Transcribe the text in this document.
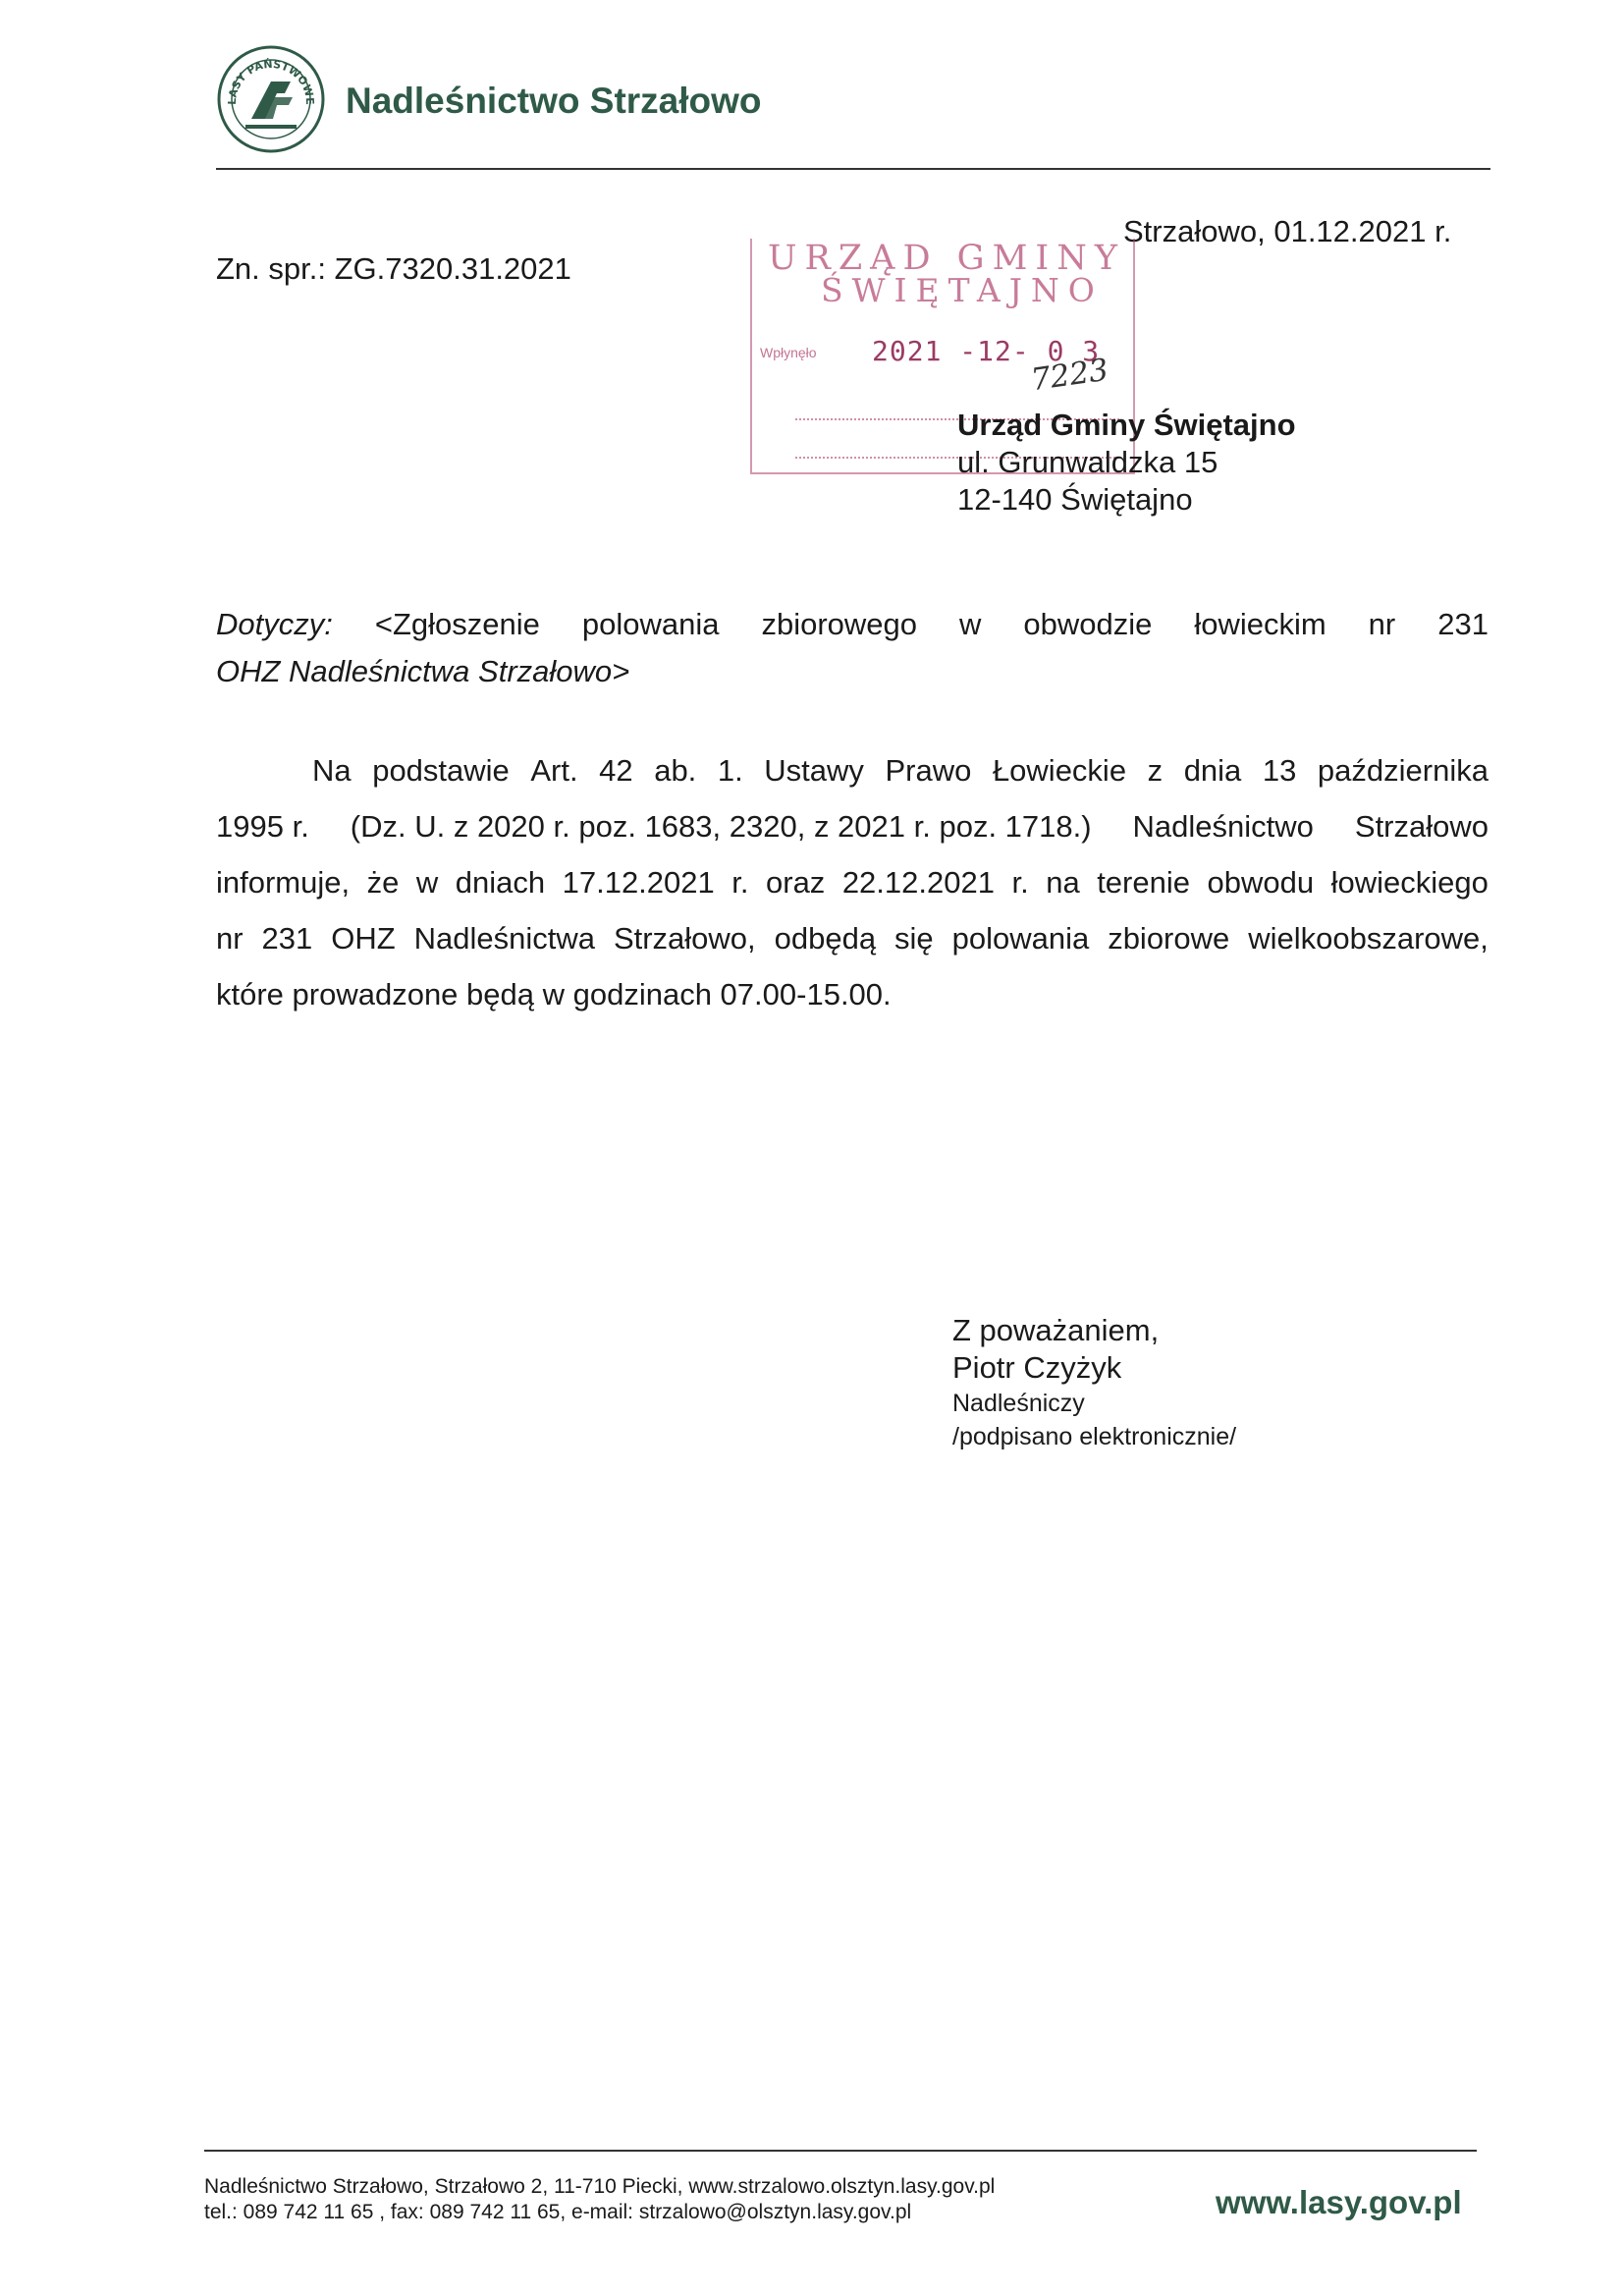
LASY PAŃSTWOWE Nadleśnictwo Strzałowo
Zn. spr.: ZG.7320.31.2021
Strzałowo, 01.12.2021 r.
URZĄD GMINY
ŚWIĘTAJNO
Wpłynęło 2021 -12- 0 3
7223
Urząd Gminy Świętajno
ul. Grunwaldzka 15
12-140 Świętajno
Dotyczy: <Zgłoszenie polowania zbiorowego w obwodzie łowieckim nr 231
OHZ Nadleśnictwa Strzałowo>
Na podstawie Art. 42 ab. 1. Ustawy Prawo Łowieckie z dnia 13 października
1995 r. (Dz. U. z 2020 r. poz. 1683, 2320, z 2021 r. poz. 1718.) Nadleśnictwo Strzałowo
informuje, że w dniach 17.12.2021 r. oraz 22.12.2021 r. na terenie obwodu łowieckiego
nr 231 OHZ Nadleśnictwa Strzałowo, odbędą się polowania zbiorowe wielkoobszarowe,
które prowadzone będą w godzinach 07.00-15.00.
Z poważaniem,
Piotr Czyżyk
Nadleśniczy
/podpisano elektronicznie/
Nadleśnictwo Strzałowo, Strzałowo 2, 11-710 Piecki, www.strzalowo.olsztyn.lasy.gov.pl
tel.: 089 742 11 65 , fax: 089 742 11 65, e-mail: strzalowo@olsztyn.lasy.gov.pl	www.lasy.gov.pl
